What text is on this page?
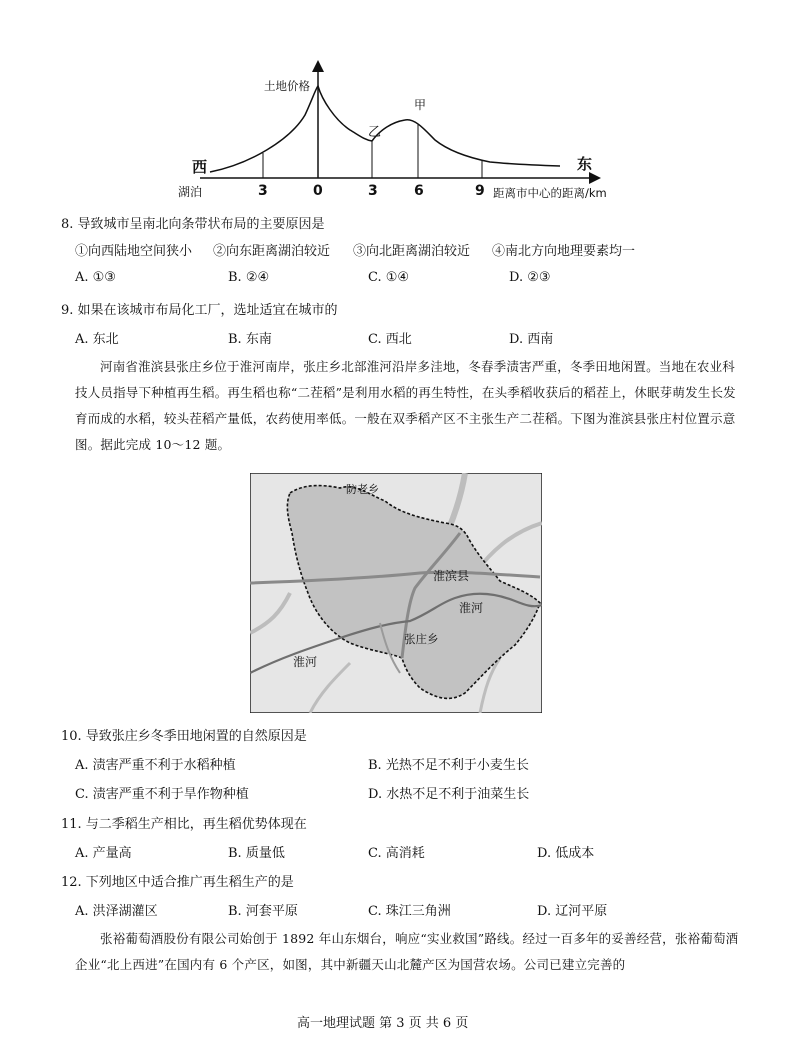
土地价格
西	东
湖泊	3	0	3	6	9 距离市中心的距离/km
乙
甲
8. 导致城市呈南北向条带状布局的主要原因是
①向西陆地空间狭小 ②向东距离湖泊较近 ③向北距离湖泊较近 ④南北方向地理要素均一
A. ①③	B. ②④	C. ①④	D. ②③
9. 如果在该城市布局化工厂，选址适宜在城市的
A. 东北	B. 东南	C. 西北	D. 西南
河南省淮滨县张庄乡位于淮河南岸，张庄乡北部淮河沿岸多洼地，冬春季渍害严重，冬季田地闲置。当地在农业科技人员指导下种植再生稻。再生稻也称“二茬稻”是利用水稻的再生特性，在头季稻收获后的稻茬上，休眠芽萌发生长发育而成的水稻，较头茬稻产量低，农药使用率低。一般在双季稻产区不主张生产二茬稻。下图为淮滨县张庄村位置示意图。据此完成 10～12 题。
防老乡
淮滨县
淮河
张庄乡
淮河
10. 导致张庄乡冬季田地闲置的自然原因是
A. 渍害严重不利于水稻种植	B. 光热不足不利于小麦生长
C. 渍害严重不利于旱作物种植	D. 水热不足不利于油菜生长
11. 与二季稻生产相比，再生稻优势体现在
A. 产量高	B. 质量低	C. 高消耗	D. 低成本
12. 下列地区中适合推广再生稻生产的是
A. 洪泽湖灌区	B. 河套平原	C. 珠江三角洲	D. 辽河平原
张裕葡萄酒股份有限公司始创于 1892 年山东烟台，响应“实业救国”路线。经过一百多年的妥善经营，张裕葡萄酒企业“北上西进”在国内有 6 个产区，如图，其中新疆天山北麓产区为国营农场。公司已建立完善的
高一地理试题 第 3 页 共 6 页
